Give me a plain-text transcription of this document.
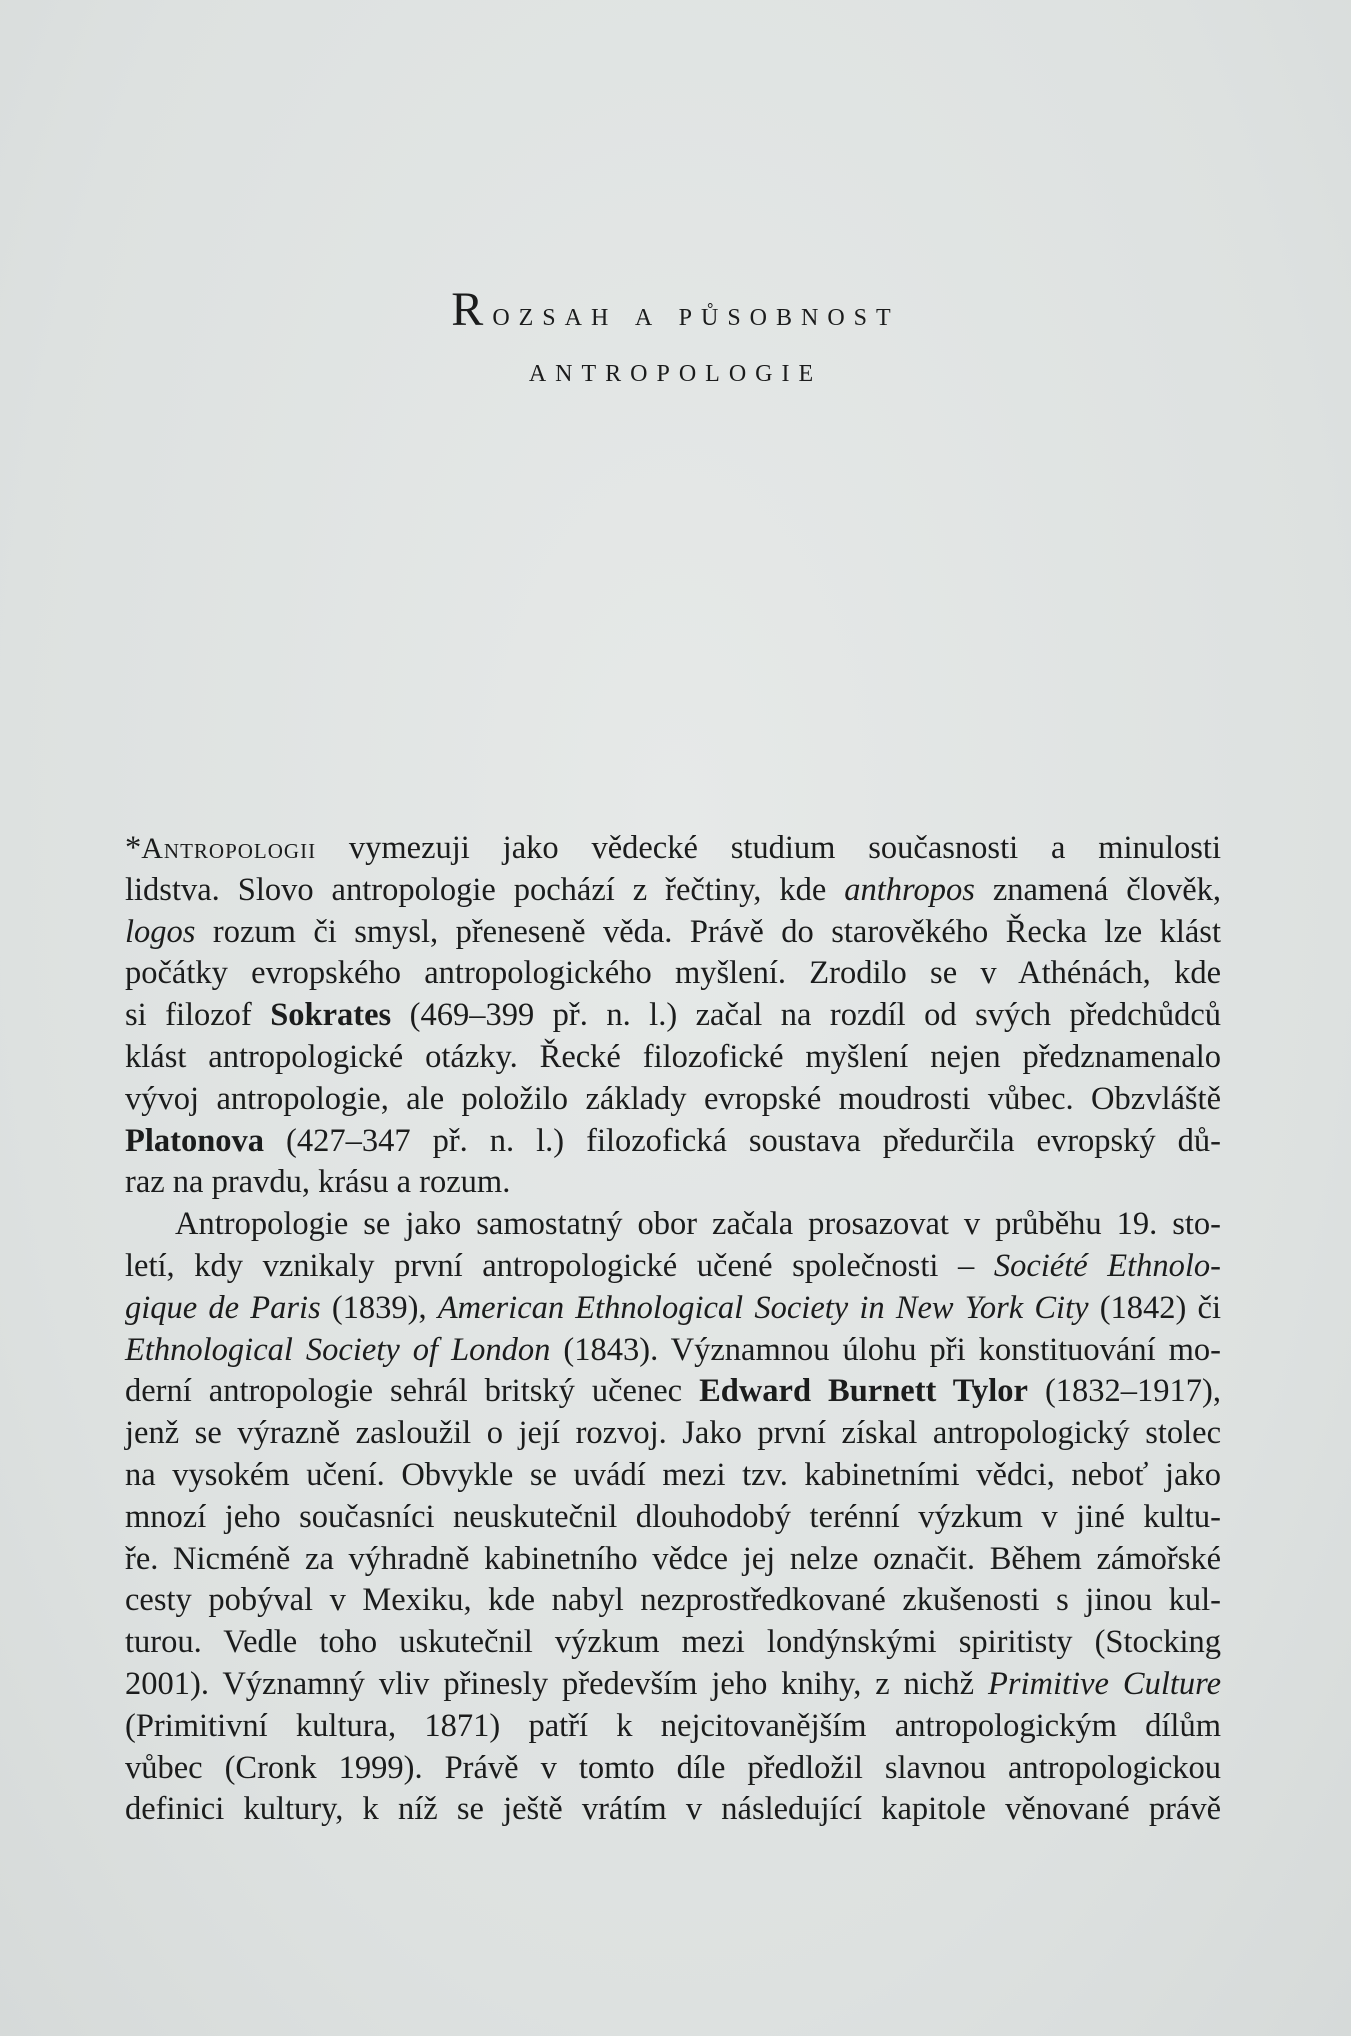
Rozsah a působnost
antropologie
*Antropologii vymezuji jako vědecké studium současnosti a minulosti
lidstva. Slovo antropologie pochází z řečtiny, kde anthropos znamená člověk,
logos rozum či smysl, přeneseně věda. Právě do starověkého Řecka lze klást
počátky evropského antropologického myšlení. Zrodilo se v Athénách, kde
si filozof Sokrates (469–399 př. n. l.) začal na rozdíl od svých předchůdců
klást antropologické otázky. Řecké filozofické myšlení nejen předznamenalo
vývoj antropologie, ale položilo základy evropské moudrosti vůbec. Obzvláště
Platonova (427–347 př. n. l.) filozofická soustava předurčila evropský dů-
raz na pravdu, krásu a rozum.
Antropologie se jako samostatný obor začala prosazovat v průběhu 19. sto-
letí, kdy vznikaly první antropologické učené společnosti – Société Ethnolo-
gique de Paris (1839), American Ethnological Society in New York City (1842) či
Ethnological Society of London (1843). Významnou úlohu při konstituování mo-
derní antropologie sehrál britský učenec Edward Burnett Tylor (1832–1917),
jenž se výrazně zasloužil o její rozvoj. Jako první získal antropologický stolec
na vysokém učení. Obvykle se uvádí mezi tzv. kabinetními vědci, neboť jako
mnozí jeho současníci neuskutečnil dlouhodobý terénní výzkum v jiné kultu-
ře. Nicméně za výhradně kabinetního vědce jej nelze označit. Během zámořské
cesty pobýval v Mexiku, kde nabyl nezprostředkované zkušenosti s jinou kul-
turou. Vedle toho uskutečnil výzkum mezi londýnskými spiritisty (Stocking
2001). Významný vliv přinesly především jeho knihy, z nichž Primitive Culture
(Primitivní kultura, 1871) patří k nejcitovanějším antropologickým dílům
vůbec (Cronk 1999). Právě v tomto díle předložil slavnou antropologickou
definici kultury, k níž se ještě vrátím v následující kapitole věnované právě
